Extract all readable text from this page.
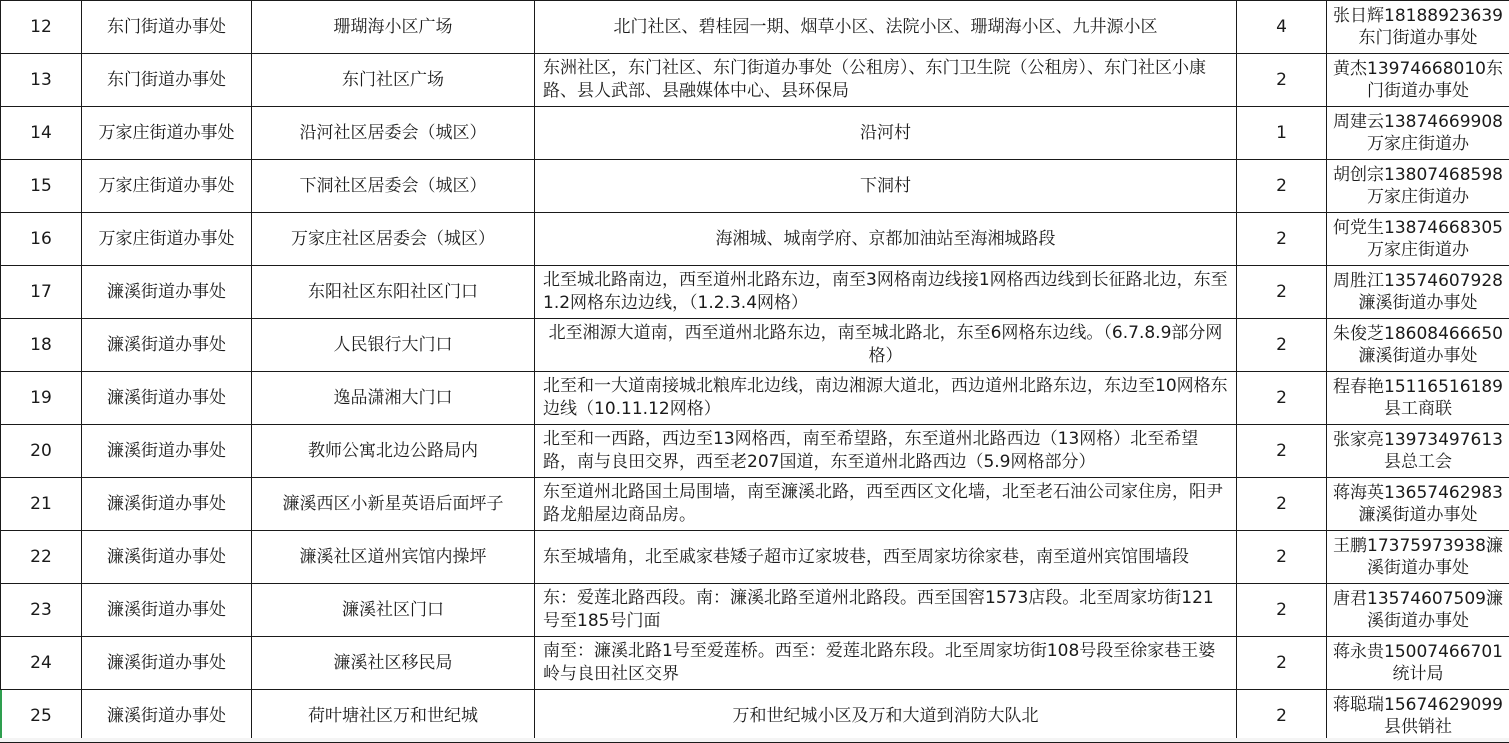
12	东门街道办事处	珊瑚海小区广场	北门社区、碧桂园一期、烟草小区、法院小区、珊瑚海小区、九井源小区	4	张日辉18188923639东门街道办事处
13	东门街道办事处	东门社区广场	东洲社区，东门社区、东门街道办事处（公租房）、东门卫生院（公租房）、东门社区小康路、县人武部、县融媒体中心、县环保局	2	黄杰13974668010东门街道办事处
14	万家庄街道办事处	沿河社区居委会（城区）	沿河村	1	周建云13874669908万家庄街道办
15	万家庄街道办事处	下洞社区居委会（城区）	下洞村	2	胡创宗13807468598万家庄街道办
16	万家庄街道办事处	万家庄社区居委会（城区）	海湘城、城南学府、京都加油站至海湘城路段	2	何党生13874668305万家庄街道办
17	濂溪街道办事处	东阳社区东阳社区门口	北至城北路南边，西至道州北路东边，南至3网格南边线接1网格西边线到长征路北边，东至1.2网格东边边线，（1.2.3.4网格）	2	周胜江13574607928濂溪街道办事处
18	濂溪街道办事处	人民银行大门口	北至湘源大道南，西至道州北路东边，南至城北路北，东至6网格东边线。（6.7.8.9部分网格）	2	朱俊芝18608466650濂溪街道办事处
19	濂溪街道办事处	逸品潇湘大门口	北至和一大道南接城北粮库北边线，南边湘源大道北，西边道州北路东边，东边至10网格东边线（10.11.12网格）	2	程春艳15116516189县工商联
20	濂溪街道办事处	教师公寓北边公路局内	北至和一西路，西边至13网格西，南至希望路，东至道州北路西边（13网格）北至希望路，南与良田交界，西至老207国道，东至道州北路西边（5.9网格部分）	2	张家亮13973497613县总工会
21	濂溪街道办事处	濂溪西区小新星英语后面坪子	东至道州北路国土局围墙，南至濂溪北路，西至西区文化墙，北至老石油公司家住房，阳尹路龙船屋边商品房。	2	蒋海英13657462983濂溪街道办事处
22	濂溪街道办事处	濂溪社区道州宾馆内操坪	东至城墙角，北至戚家巷矮子超市辽家坡巷，西至周家坊徐家巷，南至道州宾馆围墙段	2	王鹏17375973938濂溪街道办事处
23	濂溪街道办事处	濂溪社区门口	东：爱莲北路西段。南：濂溪北路至道州北路段。西至国窖1573店段。北至周家坊街121号至185号门面	2	唐君13574607509濂溪街道办事处
24	濂溪街道办事处	濂溪社区移民局	南至：濂溪北路1号至爱莲桥。西至：爱莲北路东段。北至周家坊街108号段至徐家巷王婆岭与良田社区交界	2	蒋永贵15007466701统计局
25	濂溪街道办事处	荷叶塘社区万和世纪城	万和世纪城小区及万和大道到消防大队北	2	蒋聪瑞15674629099县供销社
